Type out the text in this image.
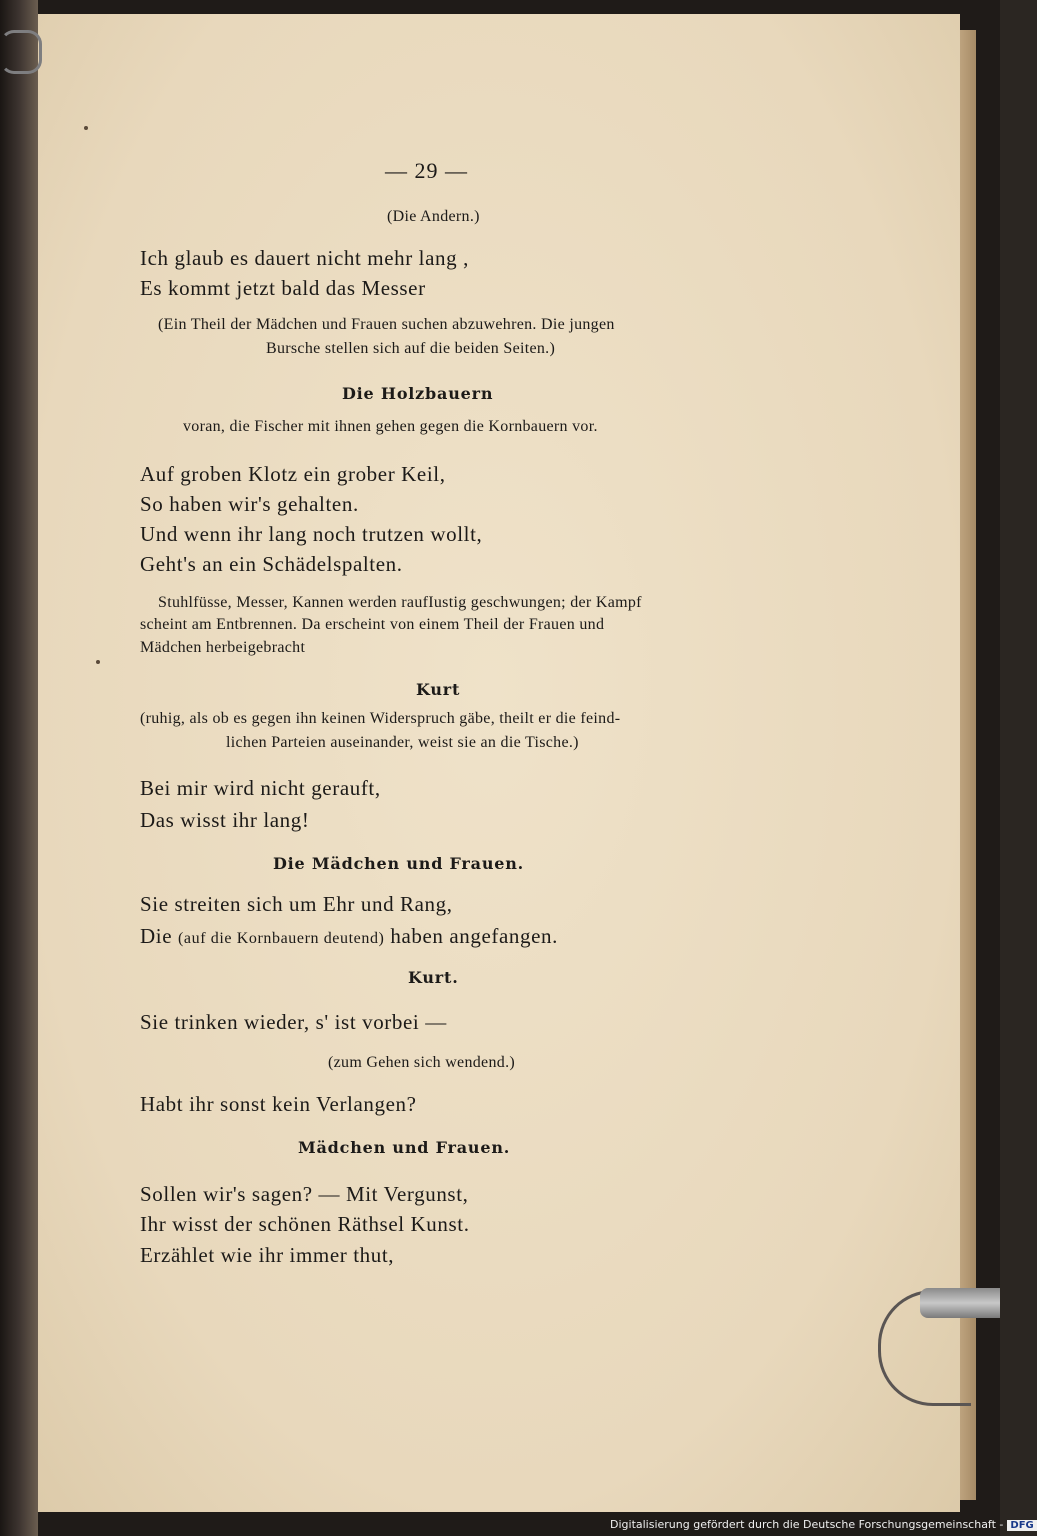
— 29 —
(Die Andern.)
Ich glaub es dauert nicht mehr lang ,
Es kommt jetzt bald das Messer
(Ein Theil der Mädchen und Frauen suchen abzuwehren. Die jungen
Bursche stellen sich auf die beiden Seiten.)
Die Holzbauern
voran, die Fischer mit ihnen gehen gegen die Kornbauern vor.
Auf groben Klotz ein grober Keil,
So haben wir's gehalten.
Und wenn ihr lang noch trutzen wollt,
Geht's an ein Schädelspalten.
Stuhlfüsse, Messer, Kannen werden raufIustig geschwungen; der Kampf
scheint am Entbrennen. Da erscheint von einem Theil der Frauen und
Mädchen herbeigebracht
Kurt
(ruhig, als ob es gegen ihn keinen Widerspruch gäbe, theilt er die feind-
lichen Parteien auseinander, weist sie an die Tische.)
Bei mir wird nicht gerauft,
Das wisst ihr lang!
Die Mädchen und Frauen.
Sie streiten sich um Ehr und Rang,
Die (auf die Kornbauern deutend) haben angefangen.
Kurt.
Sie trinken wieder, s' ist vorbei —
(zum Gehen sich wendend.)
Habt ihr sonst kein Verlangen?
Mädchen und Frauen.
Sollen wir's sagen? — Mit Vergunst,
Ihr wisst der schönen Räthsel Kunst.
Erzählet wie ihr immer thut,
Digitalisierung gefördert durch die Deutsche Forschungsgemeinschaft - DFG
